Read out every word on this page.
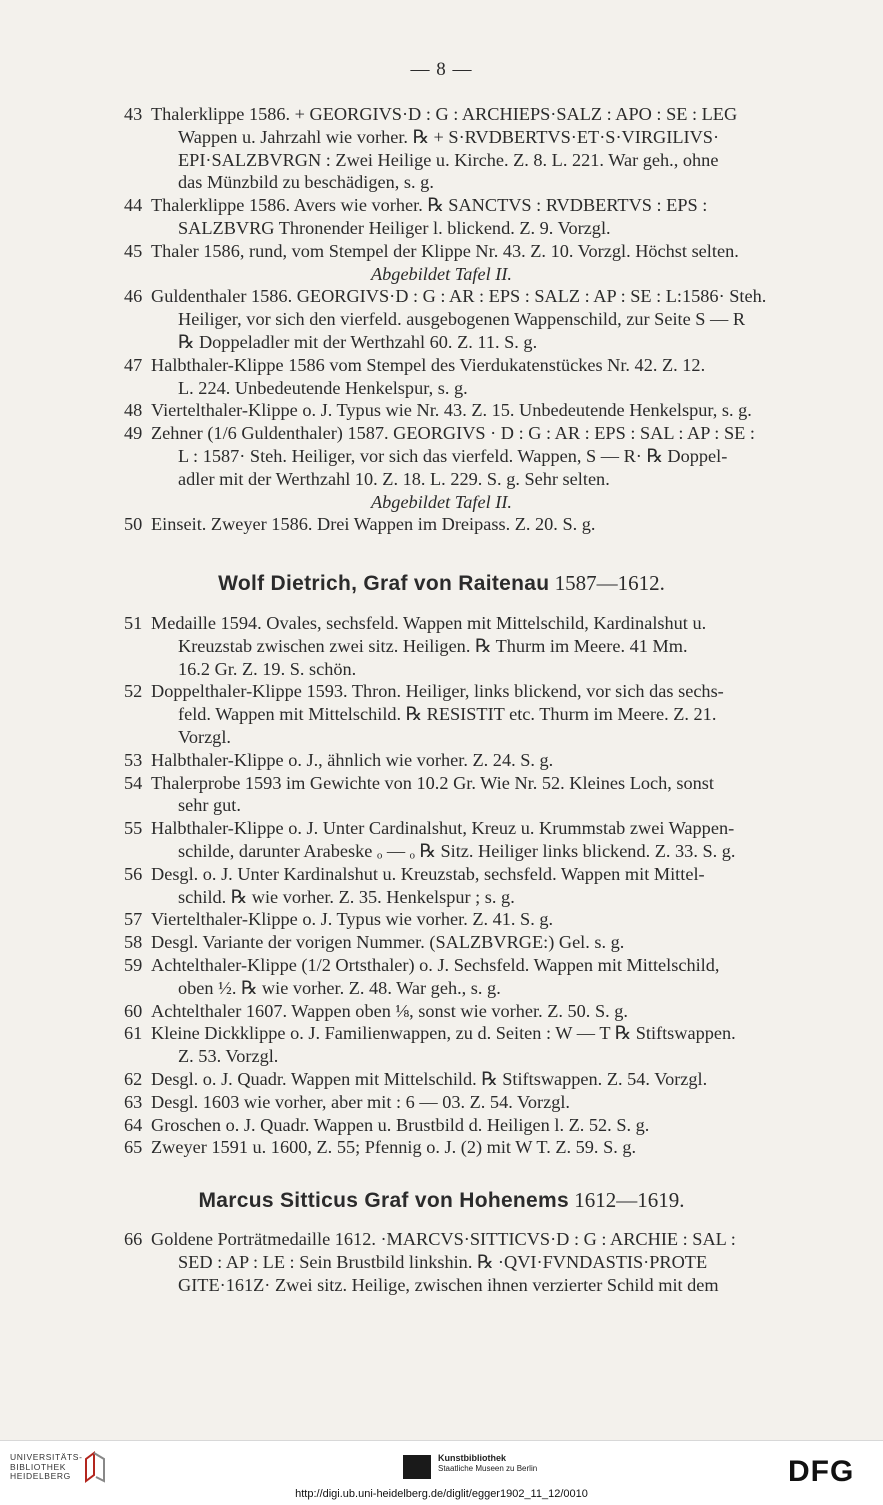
— 8 —
43 Thalerklippe 1586. + GEORGIVS·D : G : ARCHIEPS·SALZ : APO : SE : LEG
Wappen u. Jahrzahl wie vorher. ℞ + S·RVDBERTVS·ET·S·VIRGILIVS·
EPI·SALZBVRGN : Zwei Heilige u. Kirche. Z. 8. L. 221. War geh., ohne
das Münzbild zu beschädigen, s. g.
44 Thalerklippe 1586. Avers wie vorher. ℞ SANCTVS : RVDBERTVS : EPS :
SALZBVRG Thronender Heiliger l. blickend. Z. 9. Vorzgl.
45 Thaler 1586, rund, vom Stempel der Klippe Nr. 43. Z. 10. Vorzgl. Höchst selten.
Abgebildet Tafel II.
46 Guldenthaler 1586. GEORGIVS·D : G : AR : EPS : SALZ : AP : SE : L:1586· Steh.
Heiliger, vor sich den vierfeld. ausgebogenen Wappenschild, zur Seite S — R
℞ Doppeladler mit der Werthzahl 60. Z. 11. S. g.
47 Halbthaler-Klippe 1586 vom Stempel des Vierdukatenstückes Nr. 42. Z. 12.
L. 224. Unbedeutende Henkelspur, s. g.
48 Viertelthaler-Klippe o. J. Typus wie Nr. 43. Z. 15. Unbedeutende Henkelspur, s. g.
49 Zehner (1/6 Guldenthaler) 1587. GEORGIVS · D : G : AR : EPS : SAL : AP : SE :
L : 1587· Steh. Heiliger, vor sich das vierfeld. Wappen, S — R· ℞ Doppel-
adler mit der Werthzahl 10. Z. 18. L. 229. S. g. Sehr selten.
Abgebildet Tafel II.
50 Einseit. Zweyer 1586. Drei Wappen im Dreipass. Z. 20. S. g.
Wolf Dietrich, Graf von Raitenau 1587—1612.
51 Medaille 1594. Ovales, sechsfeld. Wappen mit Mittelschild, Kardinalshut u.
Kreuzstab zwischen zwei sitz. Heiligen. ℞ Thurm im Meere. 41 Mm.
16.2 Gr. Z. 19. S. schön.
52 Doppelthaler-Klippe 1593. Thron. Heiliger, links blickend, vor sich das sechs-
feld. Wappen mit Mittelschild. ℞ RESISTIT etc. Thurm im Meere. Z. 21.
Vorzgl.
53 Halbthaler-Klippe o. J., ähnlich wie vorher. Z. 24. S. g.
54 Thalerprobe 1593 im Gewichte von 10.2 Gr. Wie Nr. 52. Kleines Loch, sonst
sehr gut.
55 Halbthaler-Klippe o. J. Unter Cardinalshut, Kreuz u. Krummstab zwei Wappen-
schilde, darunter Arabeske ₒ — ₒ ℞ Sitz. Heiliger links blickend. Z. 33. S. g.
56 Desgl. o. J. Unter Kardinalshut u. Kreuzstab, sechsfeld. Wappen mit Mittel-
schild. ℞ wie vorher. Z. 35. Henkelspur ; s. g.
57 Viertelthaler-Klippe o. J. Typus wie vorher. Z. 41. S. g.
58 Desgl. Variante der vorigen Nummer. (SALZBVRGE:) Gel. s. g.
59 Achtelthaler-Klippe (1/2 Ortsthaler) o. J. Sechsfeld. Wappen mit Mittelschild,
oben ½. ℞ wie vorher. Z. 48. War geh., s. g.
60 Achtelthaler 1607. Wappen oben ⅛, sonst wie vorher. Z. 50. S. g.
61 Kleine Dickklippe o. J. Familienwappen, zu d. Seiten : W — T ℞ Stiftswappen.
Z. 53. Vorzgl.
62 Desgl. o. J. Quadr. Wappen mit Mittelschild. ℞ Stiftswappen. Z. 54. Vorzgl.
63 Desgl. 1603 wie vorher, aber mit : 6 — 03. Z. 54. Vorzgl.
64 Groschen o. J. Quadr. Wappen u. Brustbild d. Heiligen l. Z. 52. S. g.
65 Zweyer 1591 u. 1600, Z. 55; Pfennig o. J. (2) mit W T. Z. 59. S. g.
Marcus Sitticus Graf von Hohenems 1612—1619.
66 Goldene Porträtmedaille 1612. ·MARCVS·SITTICVS·D : G : ARCHIE : SAL :
SED : AP : LE : Sein Brustbild linkshin. ℞ ·QVI·FVNDASTIS·PROTE
GITE·161Z· Zwei sitz. Heilige, zwischen ihnen verzierter Schild mit dem
UNIVERSITÄTS-
BIBLIOTHEK
HEIDELBERG
Kunstbibliothek
Staatliche Museen zu Berlin	DFG
http://digi.ub.uni-heidelberg.de/diglit/egger1902_11_12/0010
